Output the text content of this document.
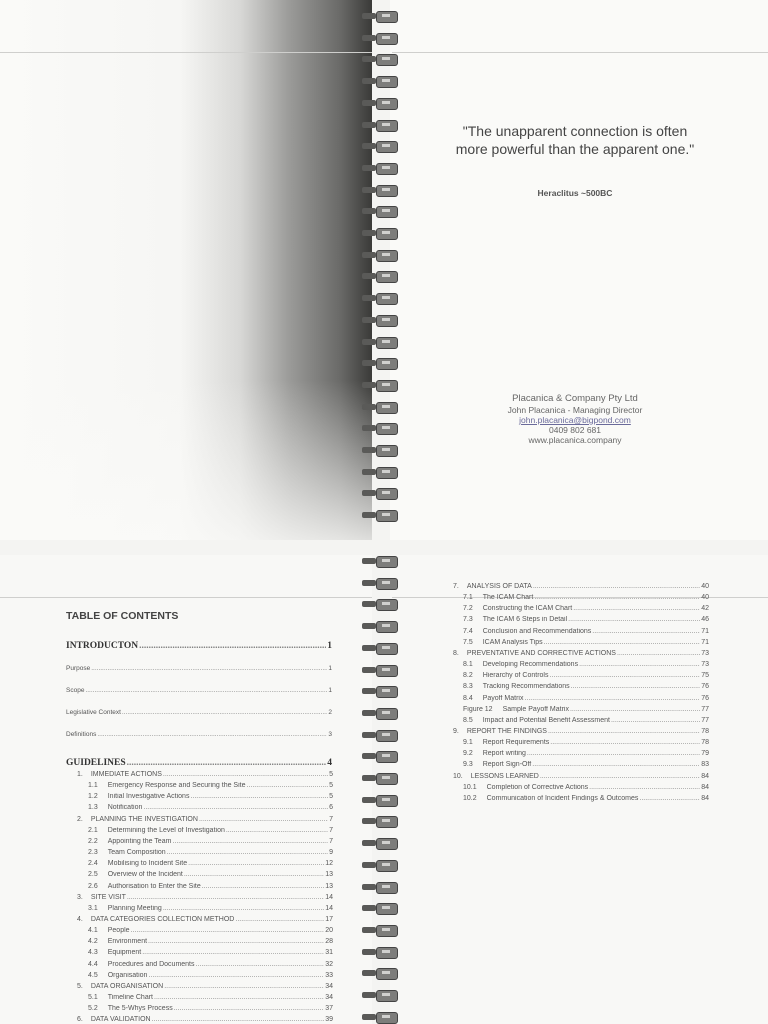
"The unapparent connection is often more powerful than the apparent one."
Heraclitus ~500BC
Placanica & Company Pty Ltd
John Placanica - Managing Director
john.placanica@bigpond.com
0409 802 681
www.placanica.company
TABLE OF CONTENTS
INTRODUCTON .....	1
Purpose .....	1
Scope .....	1
Legislative Context .....	2
Definitions .....	3
GUIDELINES .....	4
1. IMMEDIATE ACTIONS .....	5
1.1 Emergency Response and Securing the Site .....	5
1.2 Initial Investigative Actions .....	5
1.3 Notification .....	6
2. PLANNING THE INVESTIGATION .....	7
2.1 Determining the Level of Investigation .....	7
2.2 Appointing the Team .....	7
2.3 Team Composition .....	9
2.4 Mobilising to Incident Site .....	12
2.5 Overview of the Incident .....	13
2.6 Authorisation to Enter the Site .....	13
3. SITE VISIT .....	14
3.1 Planning Meeting .....	14
4. DATA CATEGORIES COLLECTION METHOD .....	17
4.1 People .....	20
4.2 Environment .....	28
4.3 Equipment .....	31
4.4 Procedures and Documents .....	32
4.5 Organisation .....	33
5. DATA ORGANISATION .....	34
5.1 Timeline Chart .....	34
5.2 The 5-Whys Process .....	37
6. DATA VALIDATION .....	39
7. ANALYSIS OF DATA .....	40
7.1 The ICAM Chart .....	40
7.2 Constructing the ICAM Chart .....	42
7.3 The ICAM 6 Steps in Detail .....	46
7.4 Conclusion and Recommendations .....	71
7.5 ICAM Analysis Tips .....	71
8. PREVENTATIVE AND CORRECTIVE ACTIONS .....	73
8.1 Developing Recommendations .....	73
8.2 Hierarchy of Controls .....	75
8.3 Tracking Recommendations .....	76
8.4 Payoff Matrix .....	76
Figure 12 Sample Payoff Matrix .....	77
8.5 Impact and Potential Benefit Assessment .....	77
9. REPORT THE FINDINGS .....	78
9.1 Report Requirements .....	78
9.2 Report writing .....	79
9.3 Report Sign-Off .....	83
10. LESSONS LEARNED .....	84
10.1 Completion of Corrective Actions .....	84
10.2 Communication of Incident Findings & Outcomes .....	84
